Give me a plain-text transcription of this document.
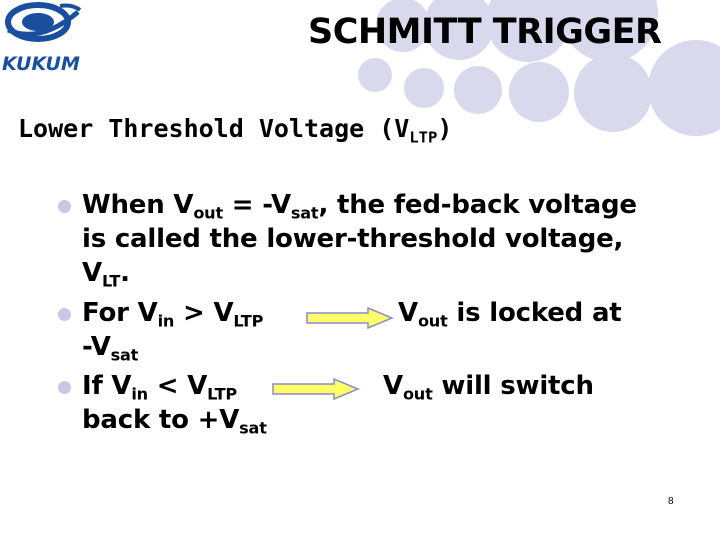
KUKUM
SCHMITT TRIGGER
Lower Threshold Voltage $(V_{LTP})$
When $V_{out} = -V_{sat}$, the fed-back voltage
is called the lower-threshold voltage,
$V_{LT}$.
For $V_{in} > V_{LTP}$	$V_{out}$ is locked at
$-V_{sat}$
If $V_{in} < V_{LTP}$	$V_{out}$ will switch
back to $+V_{sat}$
8
